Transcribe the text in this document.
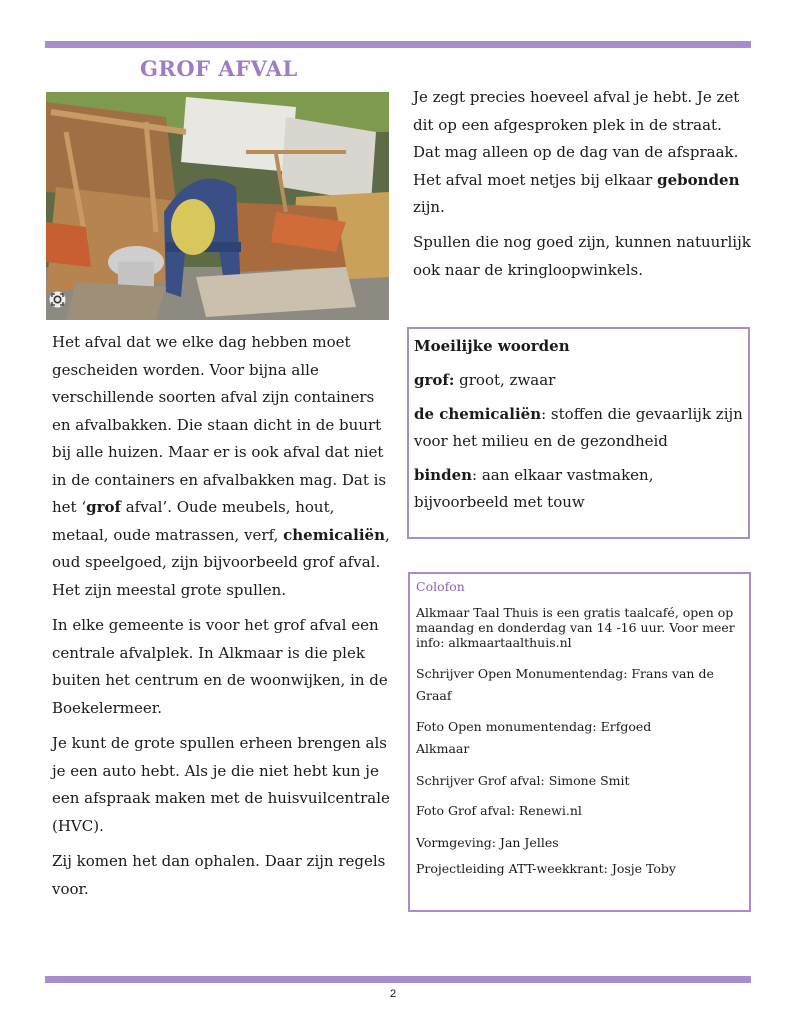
GROF AFVAL
Je zegt precies hoeveel afval je hebt. Je zet dit op een afgesproken plek in de straat. Dat mag alleen op de dag van de afspraak. Het afval moet netjes bij elkaar gebonden zijn.
Spullen die nog goed zijn, kunnen natuurlijk ook naar de kringloopwinkels.

Het afval dat we elke dag hebben moet gescheiden worden. Voor bijna alle verschillende soorten afval zijn containers en afvalbakken. Die staan dicht in de buurt bij alle huizen. Maar er is ook afval dat niet in de containers en afvalbakken mag. Dat is het ‘grof afval’. Oude meubels, hout, metaal, oude matrassen, verf, chemicaliën, oud speelgoed, zijn bijvoorbeeld grof afval. Het zijn meestal grote spullen.

In elke gemeente is voor het grof afval een centrale afvalplek. In Alkmaar is die plek buiten het centrum en de woonwijken, in de Boekelermeer.

Je kunt de grote spullen erheen brengen als je een auto hebt. Als je die niet hebt kun je een afspraak maken met de huisvuilcentrale (HVC).

Zij komen het dan ophalen. Daar zijn regels voor.

Moeilijke woorden

grof: groot, zwaar

de chemicaliën: stoffen die gevaarlijk zijn voor het milieu en de gezondheid

binden: aan elkaar vastmaken, bijvoorbeeld met touw

Colofon
Alkmaar Taal Thuis is een gratis taalcafé, open op maandag en donderdag van 14 -16 uur. Voor meer info: alkmaartaalthuis.nl
Schrijver Open Monumentendag: Frans van de Graaf
Foto Open monumentendag: Erfgoed Alkmaar
Schrijver Grof afval: Simone Smit
Foto Grof afval: Renewi.nl
Vormgeving: Jan Jelles
Projectleiding ATT-weekkrant: Josje Toby
2
